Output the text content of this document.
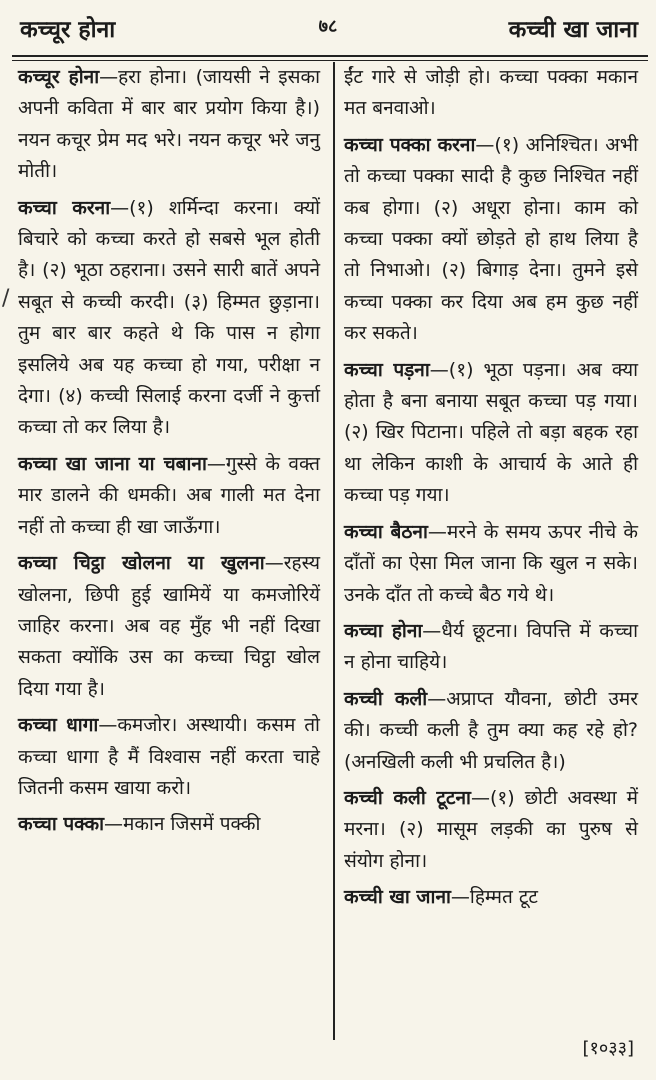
कच्चूर होना	७८	कच्ची खा जाना
/

कच्चूर होना—हरा होना। (जायसी ने इसका अपनी कविता में बार बार प्रयोग किया है।) नयन कचूर प्रेम मद भरे। नयन कचूर भरे जनु मोती।

कच्चा करना—(१) शर्मिन्दा करना। क्यों बिचारे को कच्चा करते हो सबसे भूल होती है। (२) भूठा ठहराना। उसने सारी बातें अपने सबूत से कच्ची करदी। (३) हिम्मत छुड़ाना। तुम बार बार कहते थे कि पास न होगा इसलिये अब यह कच्चा हो गया, परीक्षा न देगा। (४) कच्ची सिलाई करना दर्जी ने कुर्त्ता कच्चा तो कर लिया है।

कच्चा खा जाना या चबाना—गुस्से के वक्त मार डालने की धमकी। अब गाली मत देना नहीं तो कच्चा ही खा जाऊँगा।

कच्चा चिट्ठा खोलना या खुलना—रहस्य खोलना, छिपी हुई खामियें या कमजोरियें जाहिर करना। अब वह मुँह भी नहीं दिखा सकता क्योंकि उस का कच्चा चिट्ठा खोल दिया गया है।

कच्चा धागा—कमजोर। अस्थायी। कसम तो कच्चा धागा है मैं विश्वास नहीं करता चाहे जितनी कसम खाया करो।

कच्चा पक्का—मकान जिसमें पक्की

ईंट गारे से जोड़ी हो। कच्चा पक्का मकान मत बनवाओ।

कच्चा पक्का करना—(१) अनिश्चित। अभी तो कच्चा पक्का सादी है कुछ निश्चित नहीं कब होगा। (२) अधूरा होना। काम को कच्चा पक्का क्यों छोड़ते हो हाथ लिया है तो निभाओ। (२) बिगाड़ देना। तुमने इसे कच्चा पक्का कर दिया अब हम कुछ नहीं कर सकते।

कच्चा पड़ना—(१) भूठा पड़ना। अब क्या होता है बना बनाया सबूत कच्चा पड़ गया। (२) खिर पिटाना। पहिले तो बड़ा बहक रहा था लेकिन काशी के आचार्य के आते ही कच्चा पड़ गया।

कच्चा बैठना—मरने के समय ऊपर नीचे के दाँतों का ऐसा मिल जाना कि खुल न सके। उनके दाँत तो कच्चे बैठ गये थे।

कच्चा होना—धैर्य छूटना। विपत्ति में कच्चा न होना चाहिये।

कच्ची कली—अप्राप्त यौवना, छोटी उमर की। कच्ची कली है तुम क्या कह रहे हो? (अनखिली कली भी प्रचलित है।)

कच्ची कली टूटना—(१) छोटी अवस्था में मरना। (२) मासूम लड़की का पुरुष से संयोग होना।

कच्ची खा जाना—हिम्मत टूट

[१०३३]
